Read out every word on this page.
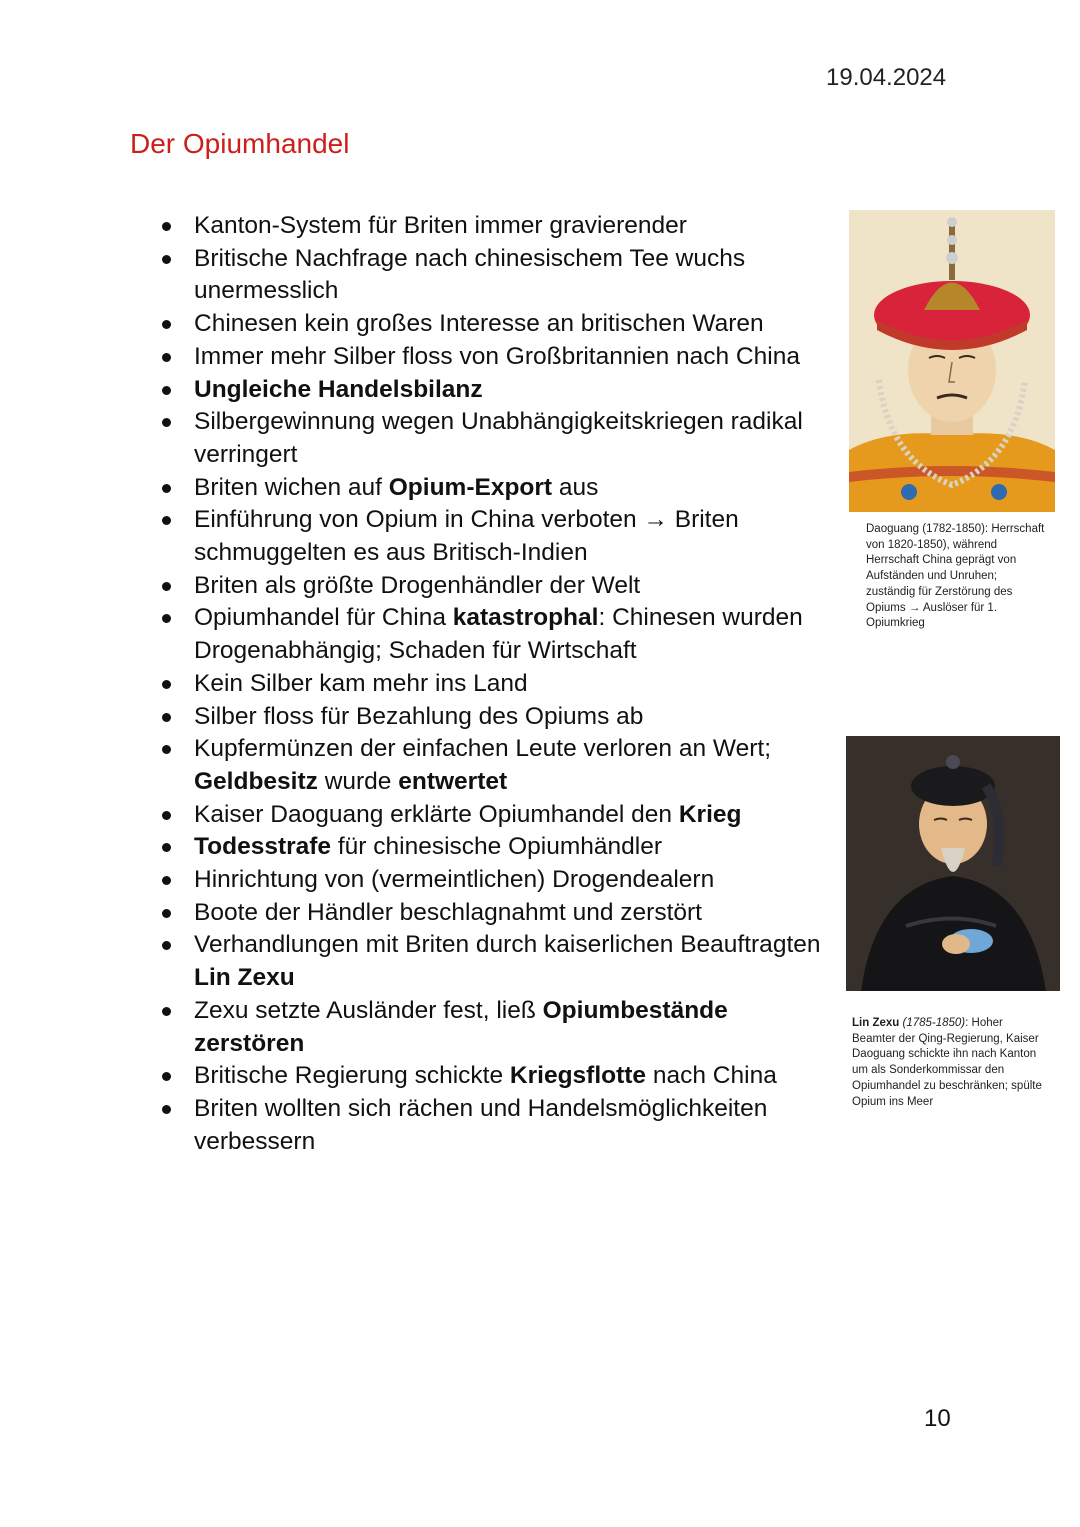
19.04.2024
Der Opiumhandel
Kanton-System für Briten immer gravierender
Britische Nachfrage nach chinesischem Tee wuchs unermesslich
Chinesen kein großes Interesse an britischen Waren
Immer mehr Silber floss von Großbritannien nach China
Ungleiche Handelsbilanz
Silbergewinnung wegen Unabhängigkeitskriegen radikal verringert
Briten wichen auf Opium-Export aus
Einführung von Opium in China verboten → Briten schmuggelten es aus Britisch-Indien
Briten als größte Drogenhändler der Welt
Opiumhandel für China katastrophal: Chinesen wurden Drogenabhängig; Schaden für Wirtschaft
Kein Silber kam mehr ins Land
Silber floss für Bezahlung des Opiums ab
Kupfermünzen der einfachen Leute verloren an Wert; Geldbesitz wurde entwertet
Kaiser Daoguang erklärte Opiumhandel den Krieg
Todesstrafe für chinesische Opiumhändler
Hinrichtung von (vermeintlichen) Drogendealern
Boote der Händler beschlagnahmt und zerstört
Verhandlungen mit Briten durch kaiserlichen Beauftragten Lin Zexu
Zexu setzte Ausländer fest, ließ Opiumbestände zerstören
Britische Regierung schickte Kriegsflotte nach China
Briten wollten sich rächen und Handelsmöglichkeiten verbessern
Daoguang (1782-1850): Herrschaft von 1820-1850), während Herrschaft China geprägt von Aufständen und Unruhen; zuständig für Zerstörung des Opiums → Auslöser für 1. Opiumkrieg
Lin Zexu (1785-1850): Hoher Beamter der Qing-Regierung, Kaiser Daoguang schickte ihn nach Kanton um als Sonderkommissar den Opiumhandel zu beschränken; spülte Opium ins Meer
10
